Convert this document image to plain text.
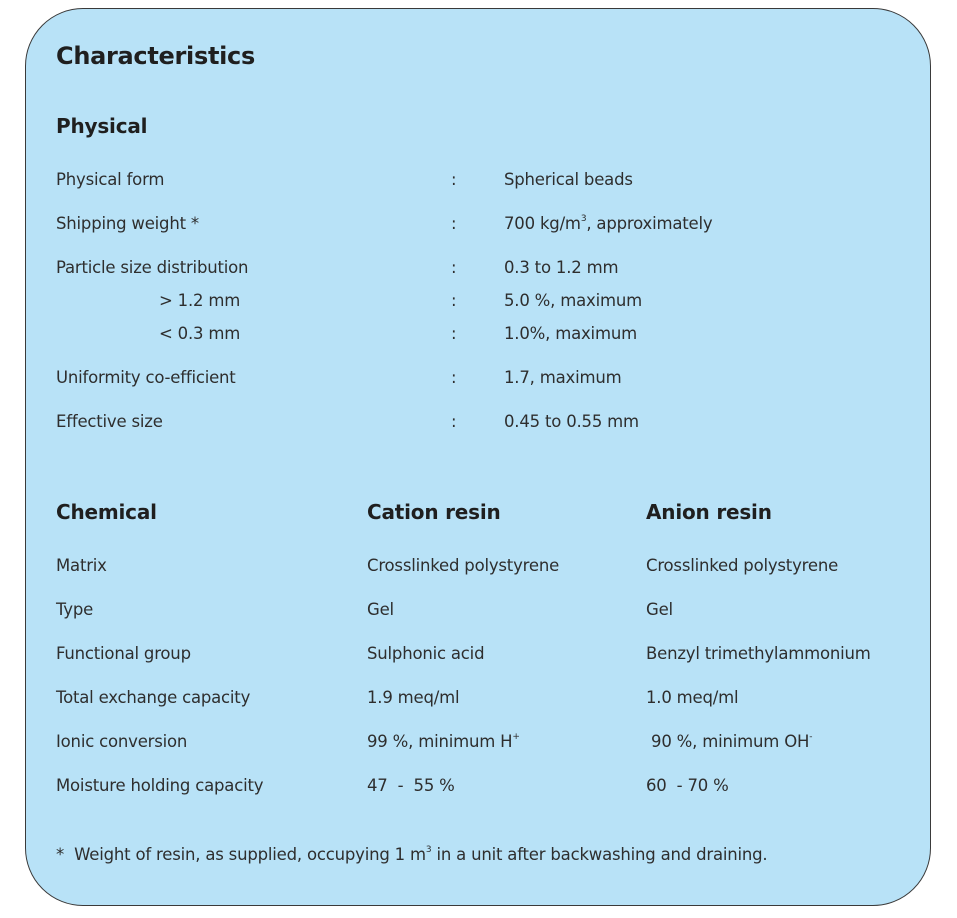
Characteristics
Physical
Physical form	:	Spherical beads
Shipping weight *	:	700 $kg/m^3$, approximately
Particle size distribution	:	0.3 to 1.2 mm
> 1.2 mm	:	5.0 %, maximum
< 0.3 mm	:	1.0%, maximum
Uniformity co-efficient	:	1.7, maximum
Effective size	:	0.45 to 0.55 mm
Chemical	Cation resin	Anion resin
Matrix	Crosslinked polystyrene	Crosslinked polystyrene
Type	Gel	Gel
Functional group	Sulphonic acid	Benzyl trimethylammonium
Total exchange capacity	1.9 meq/ml	1.0 meq/ml
Ionic conversion	99 %, minimum H+	90 %, minimum OH-
Moisture holding capacity	47  -  55 %	60  - 70 %
*  Weight of resin, as supplied, occupying 1 $m^3$ in a unit after backwashing and draining.
